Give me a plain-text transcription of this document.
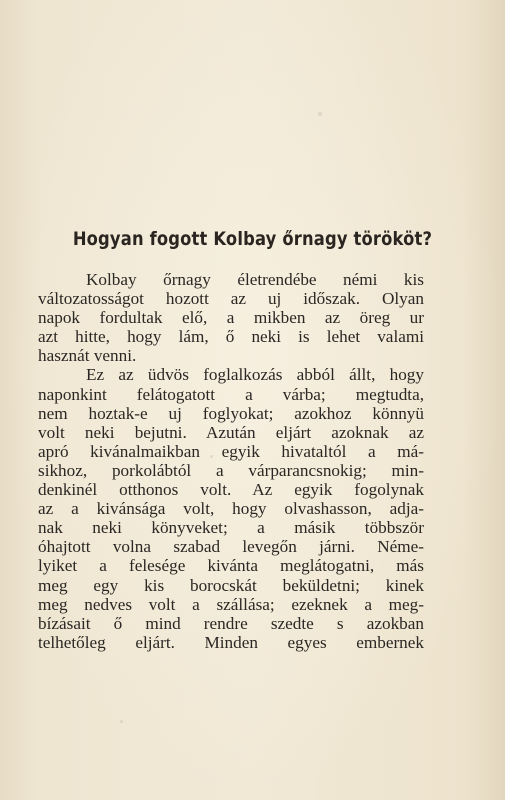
Hogyan fogott Kolbay őrnagy törököt?
Kolbay őrnagy életrendébe némi kis
változatosságot hozott az uj időszak. Olyan
napok fordultak elő, a mikben az öreg ur
azt hitte, hogy lám, ő neki is lehet valami
hasznát venni.
Ez az üdvös foglalkozás abból állt, hogy
naponkint felátogatott a várba; megtudta,
nem hoztak-e uj foglyokat; azokhoz könnyü
volt neki bejutni. Azután eljárt azoknak az
apró kivánalmaikban egyik hivataltól a má-
sikhoz, porkolábtól a várparancsnokig; min-
denkinél otthonos volt. Az egyik fogolynak
az a kivánsága volt, hogy olvashasson, adja-
nak neki könyveket; a másik többször
óhajtott volna szabad levegőn járni. Néme-
lyiket a felesége kivánta meglátogatni, más
meg egy kis borocskát beküldetni; kinek
meg nedves volt a szállása; ezeknek a meg-
bízásait ő mind rendre szedte s azokban
telhetőleg eljárt. Minden egyes embernek
